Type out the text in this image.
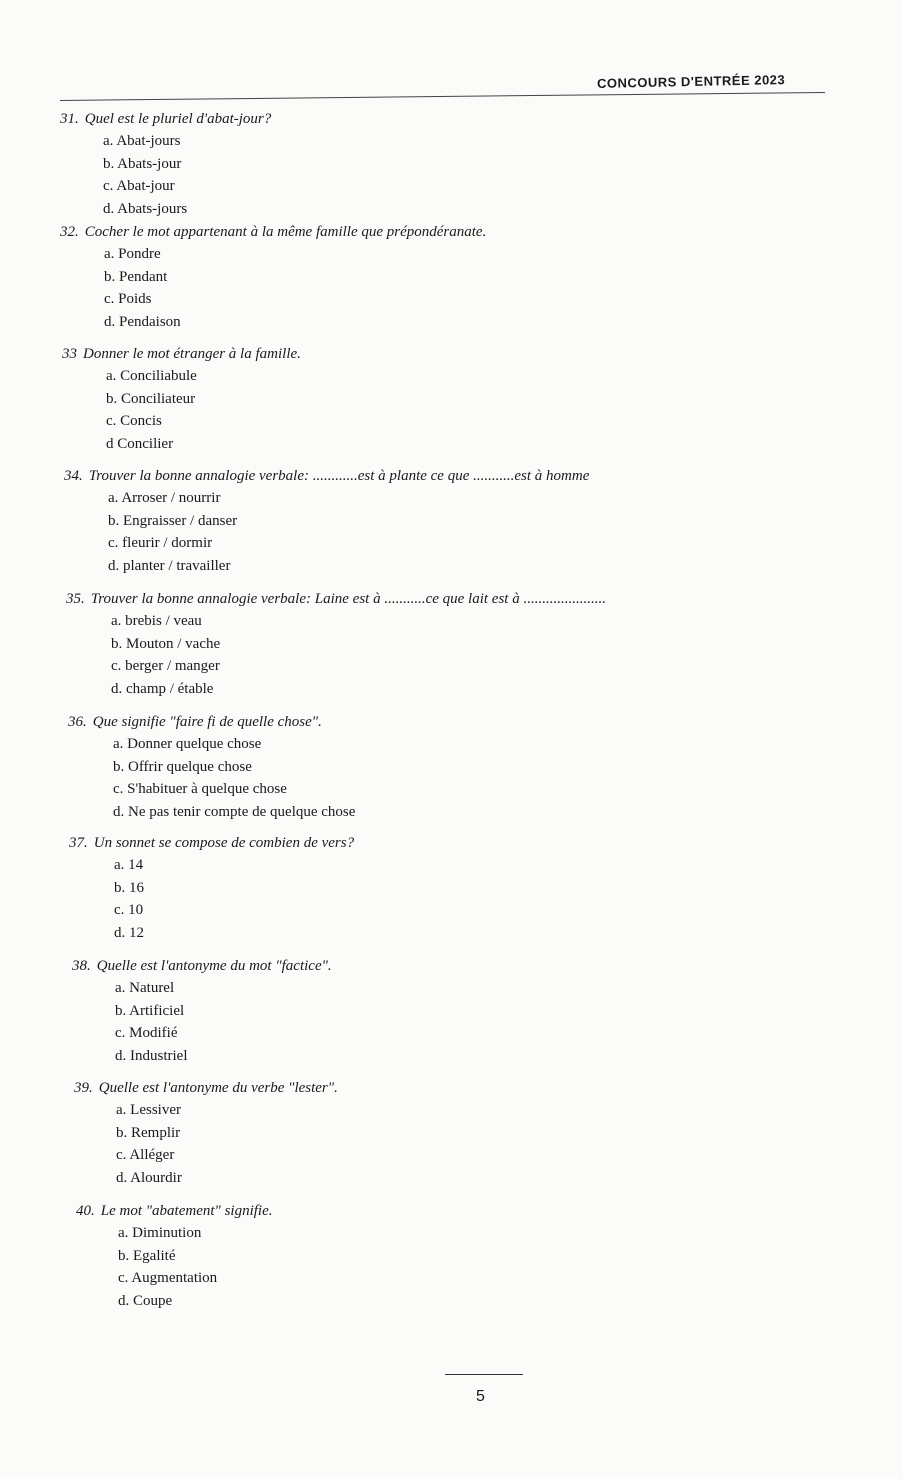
CONCOURS D'ENTRÉE 2023
31. Quel est le pluriel d'abat-jour?
a. Abat-jours
b. Abats-jour
c. Abat-jour
d. Abats-jours
32. Cocher le mot appartenant à la même famille que prépondéranate.
a. Pondre
b. Pendant
c. Poids
d. Pendaison
33 Donner le mot étranger à la famille.
a. Conciliabule
b. Conciliateur
c. Concis
d Concilier
34. Trouver la bonne annalogie verbale: ............est à plante ce que ...........est à homme
a. Arroser / nourrir
b. Engraisser / danser
c. fleurir / dormir
d. planter / travailler
35. Trouver la bonne annalogie verbale: Laine est à ...........ce que lait est à ......................
a. brebis / veau
b. Mouton / vache
c. berger / manger
d. champ / étable
36. Que signifie "faire fi de quelle chose".
a. Donner quelque chose
b. Offrir quelque chose
c. S'habituer à quelque chose
d. Ne pas tenir compte de quelque chose
37. Un sonnet se compose de combien de vers?
a. 14
b. 16
c. 10
d. 12
38. Quelle est l'antonyme du mot "factice".
a. Naturel
b. Artificiel
c. Modifié
d. Industriel
39. Quelle est l'antonyme du verbe "lester".
a. Lessiver
b. Remplir
c. Alléger
d. Alourdir
40. Le mot "abatement" signifie.
a. Diminution
b. Egalité
c. Augmentation
d. Coupe
5
